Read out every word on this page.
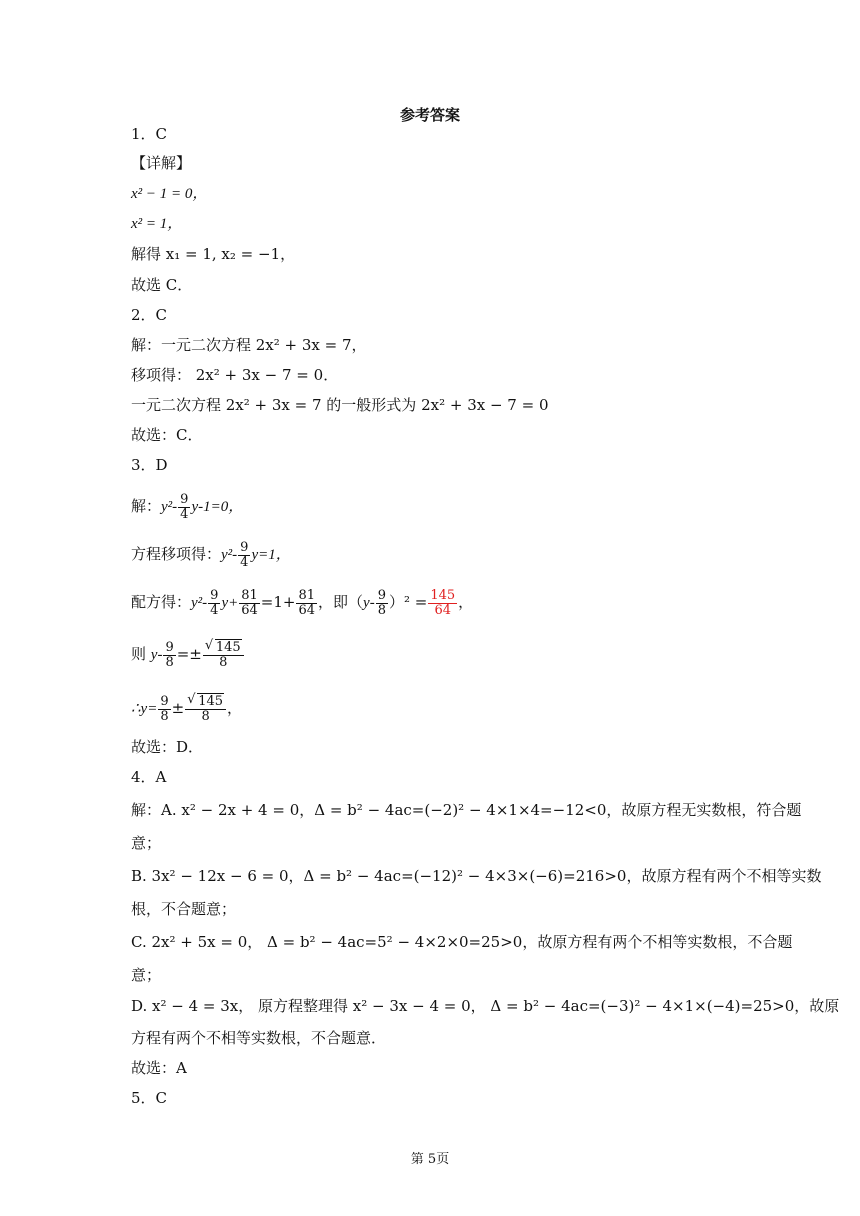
参考答案
1．C
【详解】
x² − 1 = 0，
x² = 1，
解得 x₁ = 1, x₂ = −1，
故选 C．
2．C
解：一元二次方程 2x² + 3x = 7，
移项得： 2x² + 3x − 7 = 0．
一元二次方程 2x² + 3x = 7 的一般形式为 2x² + 3x − 7 = 0
故选：C．
3．D
解：$y^2- \frac{9}{4} y-1=0$，
方程移项得：$y^2- \frac{9}{4} y=1$，
配方得：$y^2- \frac{9}{4} y+ \frac{81}{64} =1+ \frac{81}{64}$ ，即$(y- \frac{9}{8} )^2 = \frac{145}{64}$ ，
则 $y- \frac{9}{8} =\pm \frac{√ 145}{8}$
∴y= $\frac{9}{8} \pm \frac{√ 145}{8}$ ，
故选：D．
4．A
解：A. x² − 2x + 4 = 0，Δ = b² − 4ac=(−2)² − 4×1×4=−12<0，故原方程无实数根，符合题
意；
B. 3x² − 12x − 6 = 0，Δ = b² − 4ac=(−12)² − 4×3×(−6)=216>0，故原方程有两个不相等实数
根，不合题意；
C. 2x² + 5x = 0， Δ = b² − 4ac=5² − 4×2×0=25>0，故原方程有两个不相等实数根，不合题
意；
D. x² − 4 = 3x， 原方程整理得 x² − 3x − 4 = 0， Δ = b² − 4ac=(−3)² − 4×1×(−4)=25>0，故原
方程有两个不相等实数根，不合题意．
故选：A
5．C
第 5页
